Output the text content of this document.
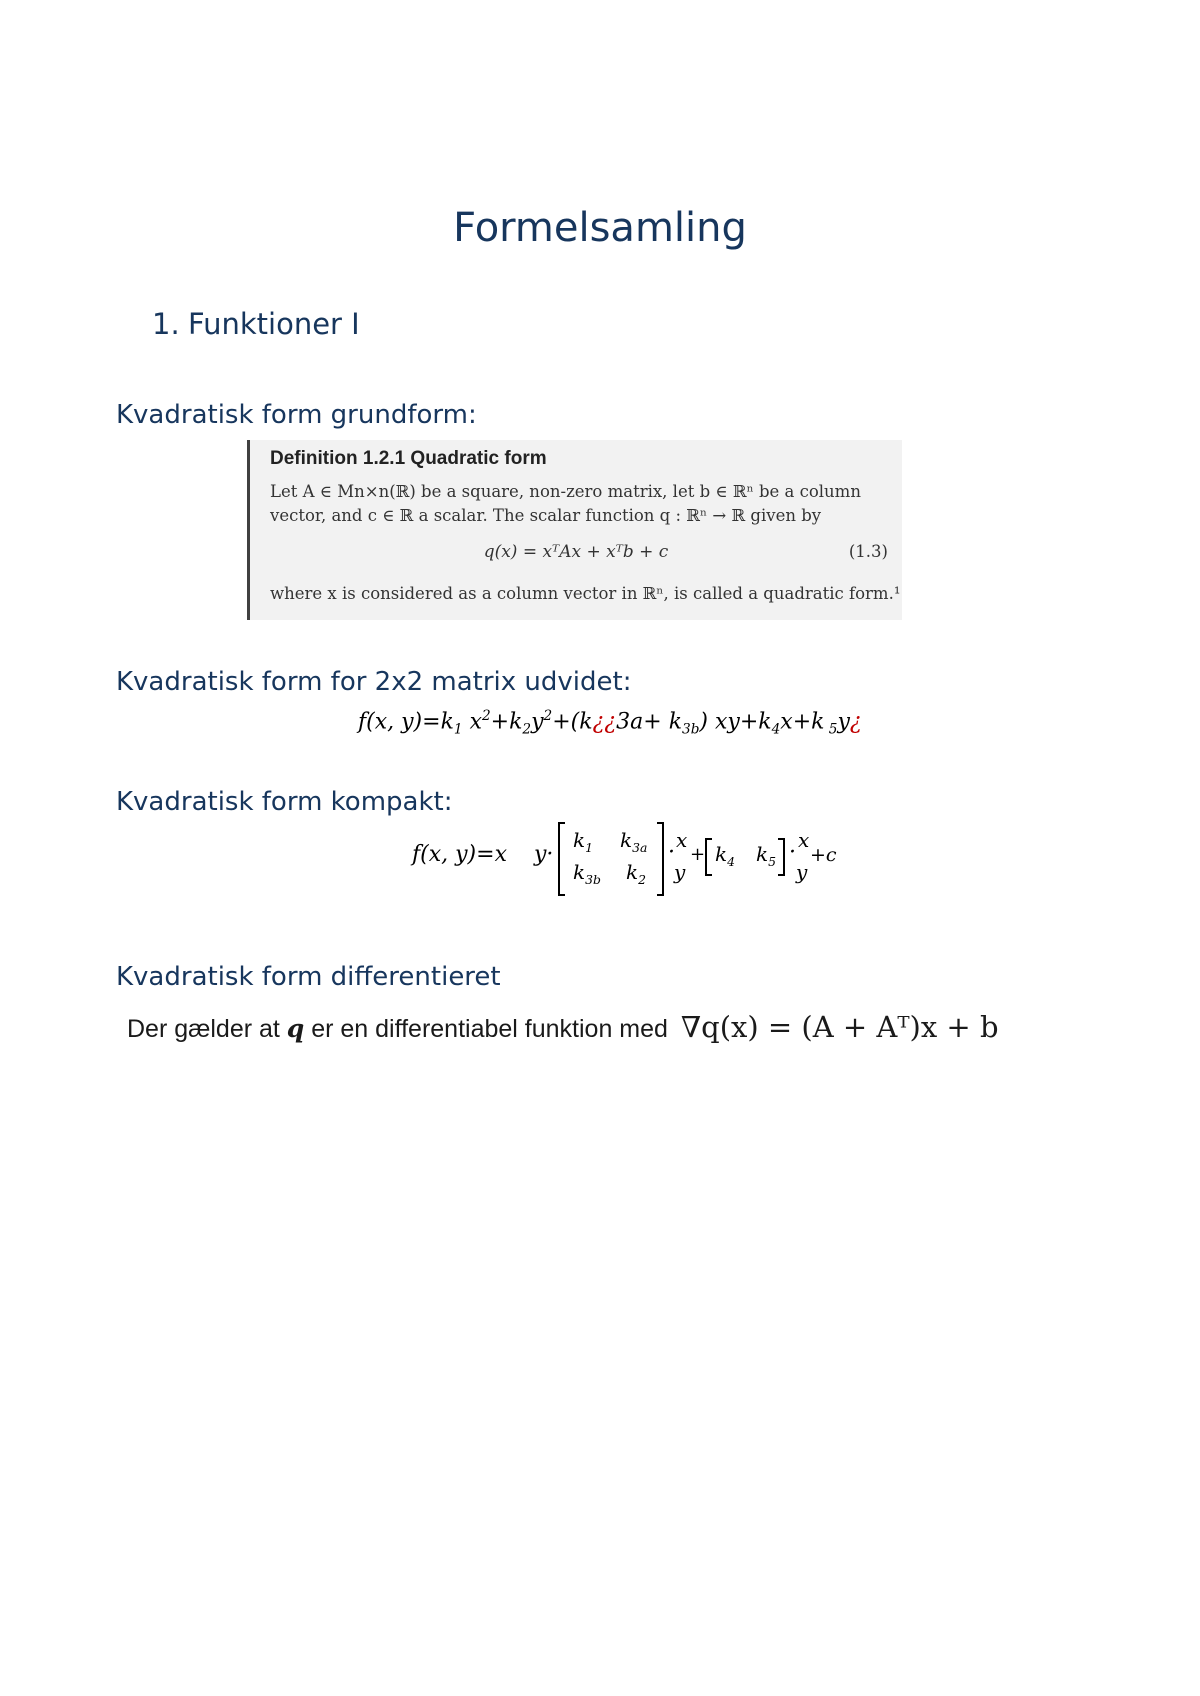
Formelsamling
1. Funktioner I
Kvadratisk form grundform:
Definition 1.2.1 Quadratic form
Let A ∈ Mn×n(ℝ) be a square, non-zero matrix, let b ∈ ℝⁿ be a column
vector, and c ∈ ℝ a scalar. The scalar function q : ℝⁿ → ℝ given by
q(x) = xᵀAx + xᵀb + c	(1.3)
where x is considered as a column vector in ℝⁿ, is called a quadratic form.¹
Kvadratisk form for 2x2 matrix udvidet:
f(x, $y)=k_1$ $x^2+k_2y^2+(k¿¿3a+ k_{3b})$ $xy+k_4x+k$ $_5$y¿
Kvadratisk form kompakt:
f(x, y)=x y·
$k_1$ $k_{3a}$
$k_{3b}$ $k_2$
· x
y
+ $k_4$ $k_5 \cdot x$
y
+c
Kvadratisk form differentieret
Der gælder at q er en differentiabel funktion med ∇q(x) = (A + Aᵀ)x + b
